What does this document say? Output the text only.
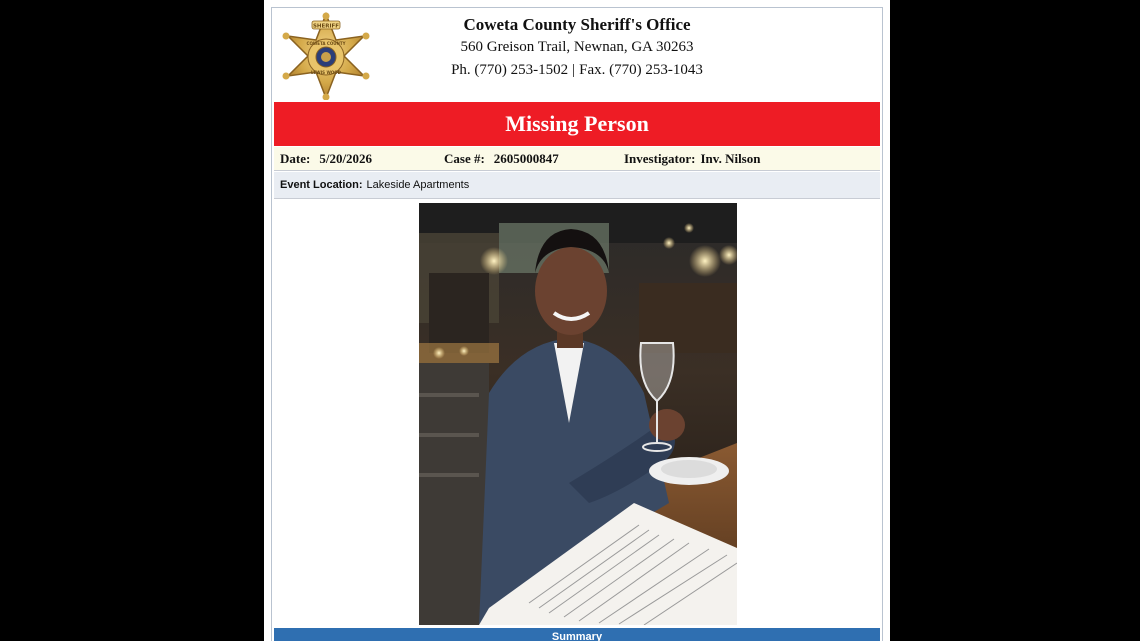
SHERIFF
COWETA COUNTY
LEWIS WOOD
Coweta County Sheriff's Office
560 Greison Trail, Newnan, GA 30263
Ph. (770) 253-1502 | Fax. (770) 253-1043
Missing Person
Date: 5/20/2026	Case #: 2605000847	Investigator: Inv. Nilson
Event Location: Lakeside Apartments
Summary
